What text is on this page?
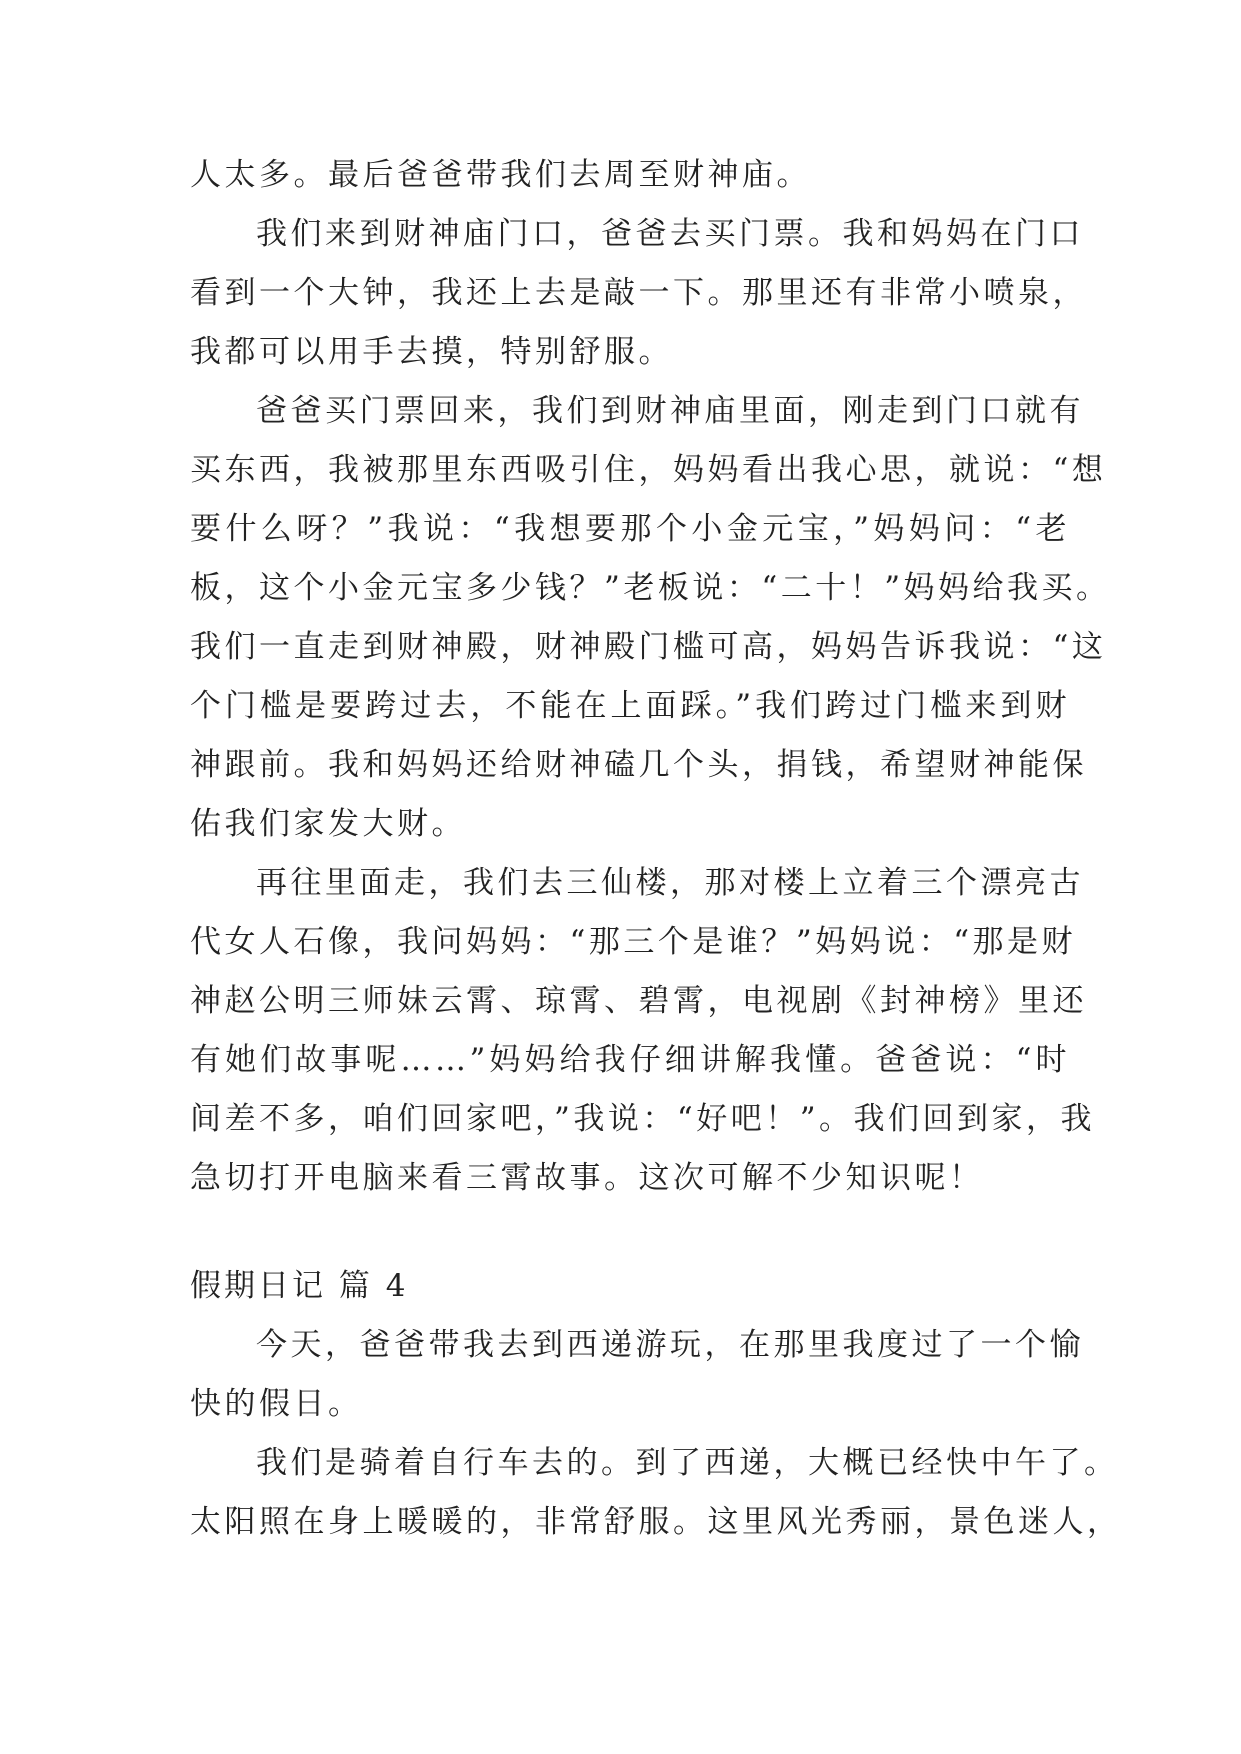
人太多。最后爸爸带我们去周至财神庙。

我们来到财神庙门口，爸爸去买门票。我和妈妈在门口

看到一个大钟，我还上去是敲一下。那里还有非常小喷泉，

我都可以用手去摸，特别舒服。

爸爸买门票回来，我们到财神庙里面，刚走到门口就有

买东西，我被那里东西吸引住，妈妈看出我心思，就说：“想

要什么呀？”我说：“我想要那个小金元宝，”妈妈问：“老

板，这个小金元宝多少钱？”老板说：“二十！”妈妈给我买。

我们一直走到财神殿，财神殿门槛可高，妈妈告诉我说：“这

个门槛是要跨过去，不能在上面踩。”我们跨过门槛来到财

神跟前。我和妈妈还给财神磕几个头，捐钱，希望财神能保

佑我们家发大财。

再往里面走，我们去三仙楼，那对楼上立着三个漂亮古

代女人石像，我问妈妈：“那三个是谁？”妈妈说：“那是财

神赵公明三师妹云霄、琼霄、碧霄，电视剧《封神榜》里还

有她们故事呢……”妈妈给我仔细讲解我懂。爸爸说：“时

间差不多，咱们回家吧，”我说：“好吧！”。我们回到家，我

急切打开电脑来看三霄故事。这次可解不少知识呢！

假期日记 篇 4

今天，爸爸带我去到西递游玩，在那里我度过了一个愉

快的假日。

我们是骑着自行车去的。到了西递，大概已经快中午了。

太阳照在身上暖暖的，非常舒服。这里风光秀丽，景色迷人，
